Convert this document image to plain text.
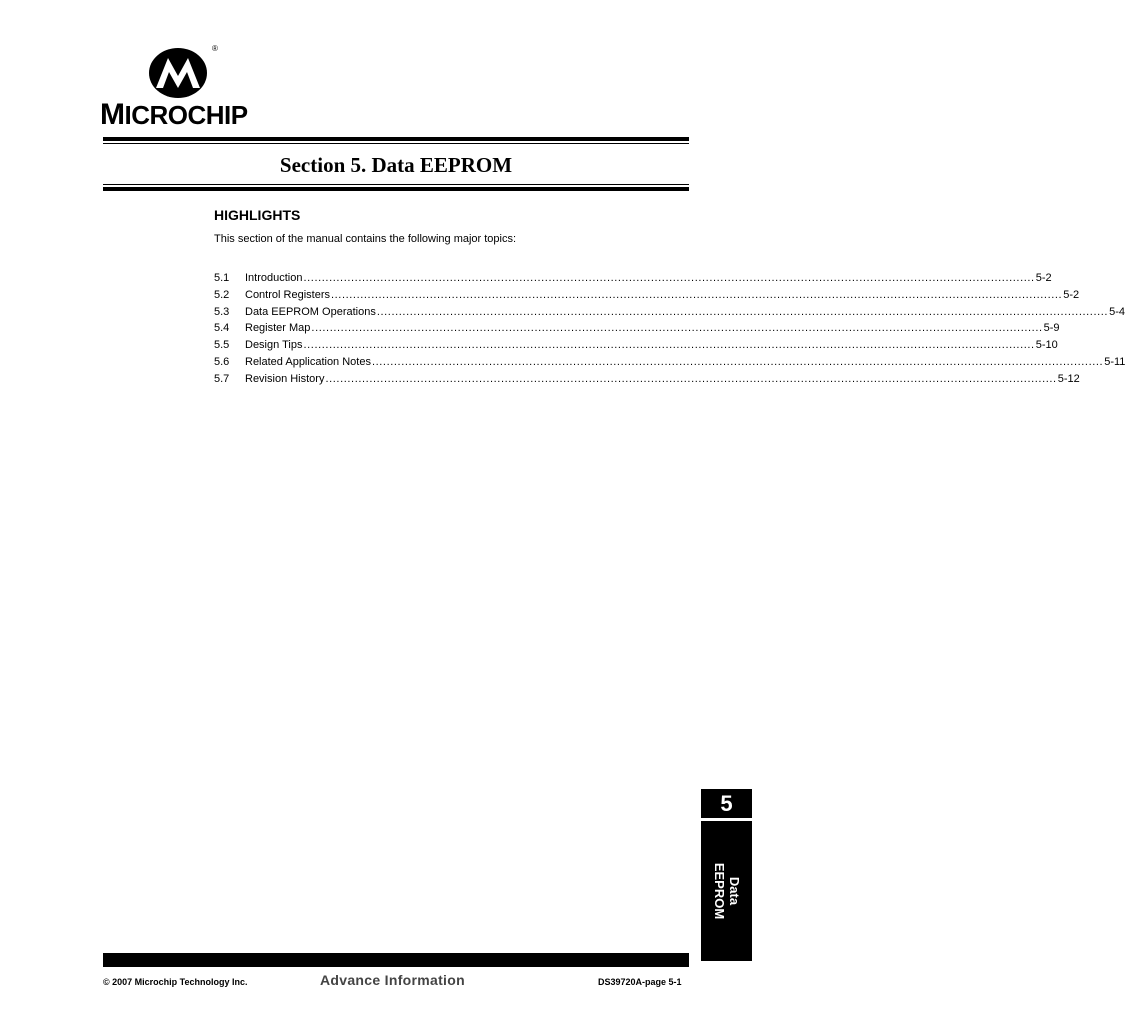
®
MICROCHIP
Section 5. Data EEPROM
HIGHLIGHTS
This section of the manual contains the following major topics:
5.1	Introduction ........................................................................................................................................................................................................ 5-2
5.2	Control Registers ........................................................................................................................................................................................................ 5-2
5.3	Data EEPROM Operations ........................................................................................................................................................................................................ 5-4
5.4	Register Map ........................................................................................................................................................................................................ 5-9
5.5	Design Tips ........................................................................................................................................................................................................ 5-10
5.6	Related Application Notes ........................................................................................................................................................................................................ 5-11
5.7	Revision History ........................................................................................................................................................................................................ 5-12
5
Data
EEPROM
© 2007 Microchip Technology Inc.	Advance Information	DS39720A-page 5-1
